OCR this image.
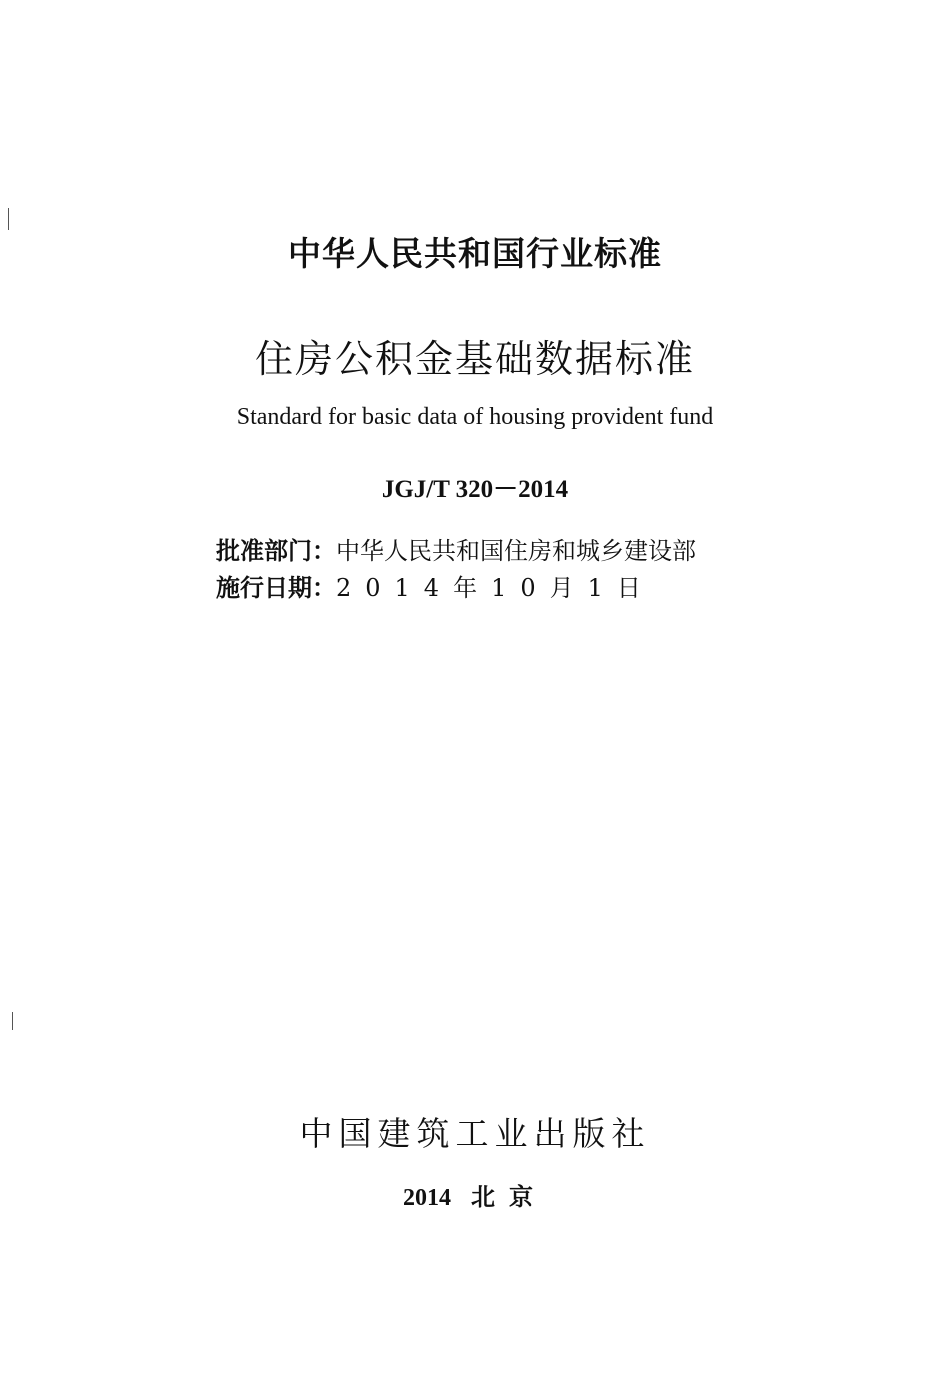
中华人民共和国行业标准
住房公积金基础数据标准
Standard for basic data of housing provident fund
JGJ/T 320－2014
批准部门：中华人民共和国住房和城乡建设部
施行日期：2014年10月1日
中国建筑工业出版社
2014 北京
